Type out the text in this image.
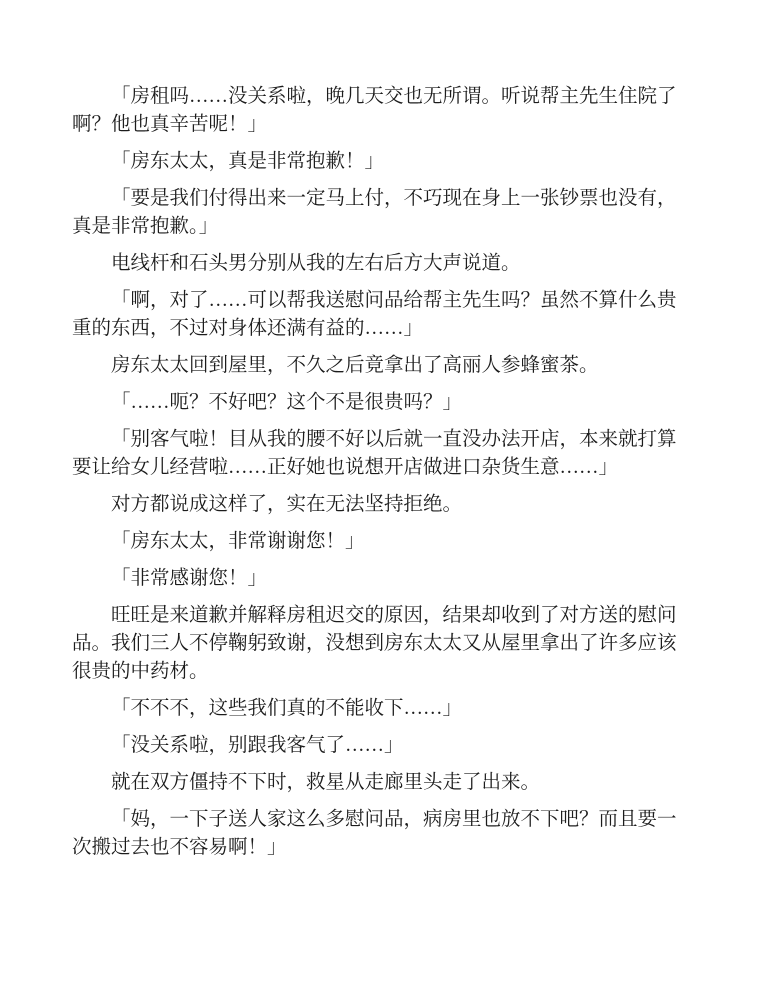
「房租吗……没关系啦，晚几天交也无所谓。听说帮主先生住院了啊？他也真辛苦呢！」

「房东太太，真是非常抱歉！」

「要是我们付得出来一定马上付，不巧现在身上一张钞票也没有，真是非常抱歉。」

电线杆和石头男分别从我的左右后方大声说道。

「啊，对了……可以帮我送慰问品给帮主先生吗？虽然不算什么贵重的东西，不过对身体还满有益的……」

房东太太回到屋里，不久之后竟拿出了高丽人参蜂蜜茶。

「……呃？不好吧？这个不是很贵吗？」

「别客气啦！目从我的腰不好以后就一直没办法开店，本来就打算要让给女儿经营啦……正好她也说想开店做进口杂货生意……」

对方都说成这样了，实在无法坚持拒绝。

「房东太太，非常谢谢您！」

「非常感谢您！」

旺旺是来道歉并解释房租迟交的原因，结果却收到了对方送的慰问品。我们三人不停鞠躬致谢，没想到房东太太又从屋里拿出了许多应该很贵的中药材。

「不不不，这些我们真的不能收下……」

「没关系啦，别跟我客气了……」

就在双方僵持不下时，救星从走廊里头走了出来。

「妈，一下子送人家这么多慰问品，病房里也放不下吧？而且要一次搬过去也不容易啊！」
